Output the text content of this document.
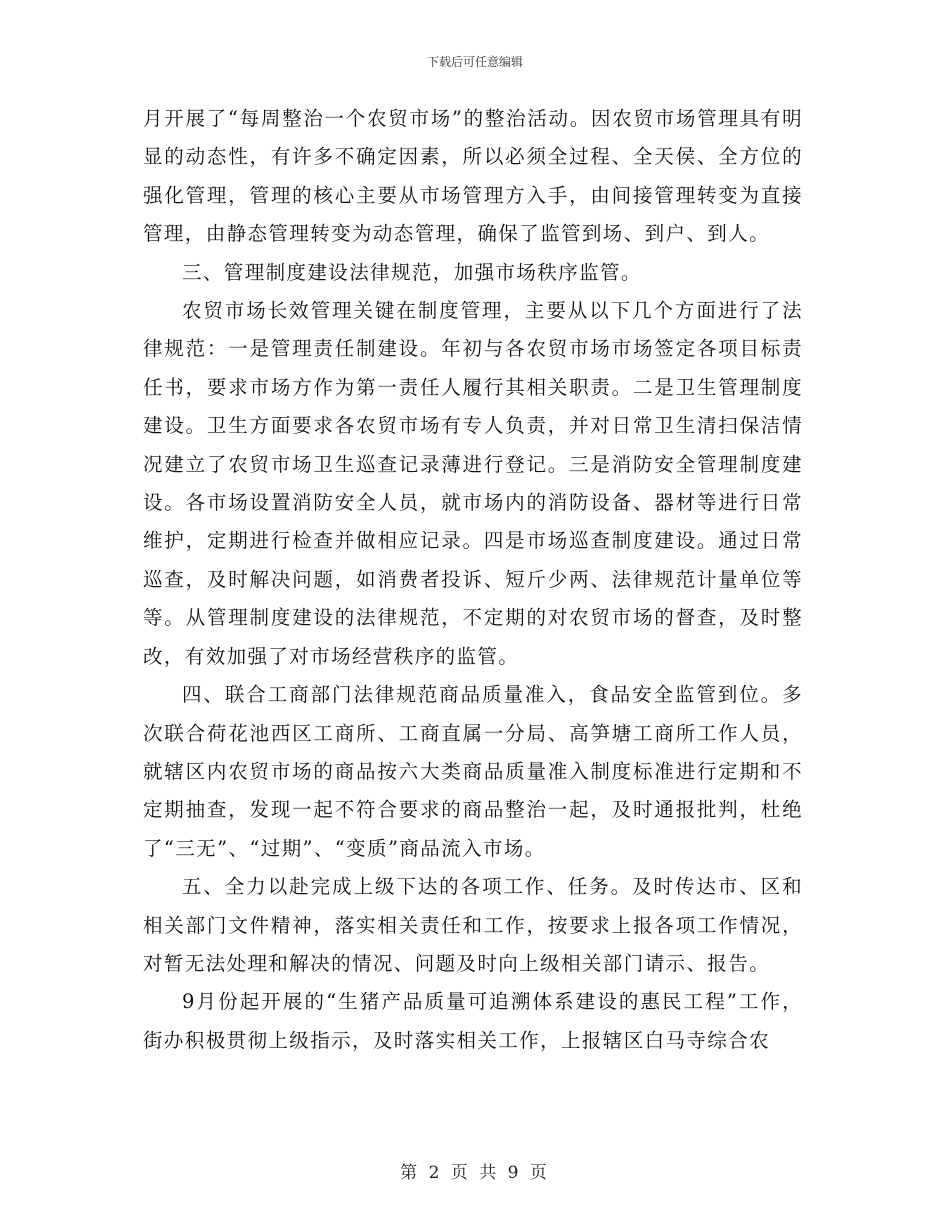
下载后可任意编辑

月开展了“每周整治一个农贸市场”的整治活动。因农贸市场管理具有明显的动态性，有许多不确定因素，所以必须全过程、全天侯、全方位的强化管理，管理的核心主要从市场管理方入手，由间接管理转变为直接管理，由静态管理转变为动态管理，确保了监管到场、到户、到人。

三、管理制度建设法律规范，加强市场秩序监管。

农贸市场长效管理关键在制度管理，主要从以下几个方面进行了法律规范：一是管理责任制建设。年初与各农贸市场市场签定各项目标责任书，要求市场方作为第一责任人履行其相关职责。二是卫生管理制度建设。卫生方面要求各农贸市场有专人负责，并对日常卫生清扫保洁情况建立了农贸市场卫生巡查记录薄进行登记。三是消防安全管理制度建设。各市场设置消防安全人员，就市场内的消防设备、器材等进行日常维护，定期进行检查并做相应记录。四是市场巡查制度建设。通过日常巡查，及时解决问题，如消费者投诉、短斤少两、法律规范计量单位等等。从管理制度建设的法律规范，不定期的对农贸市场的督查，及时整改，有效加强了对市场经营秩序的监管。

四、联合工商部门法律规范商品质量准入，食品安全监管到位。多次联合荷花池西区工商所、工商直属一分局、高笋塘工商所工作人员，就辖区内农贸市场的商品按六大类商品质量准入制度标准进行定期和不定期抽查，发现一起不符合要求的商品整治一起，及时通报批判，杜绝了“三无”、“过期”、“变质”商品流入市场。

五、全力以赴完成上级下达的各项工作、任务。及时传达市、区和相关部门文件精神，落实相关责任和工作，按要求上报各项工作情况，对暂无法处理和解决的情况、问题及时向上级相关部门请示、报告。

9月份起开展的“生猪产品质量可追溯体系建设的惠民工程”工作，街办积极贯彻上级指示，及时落实相关工作，上报辖区白马寺综合农

第 2 页 共 9 页
